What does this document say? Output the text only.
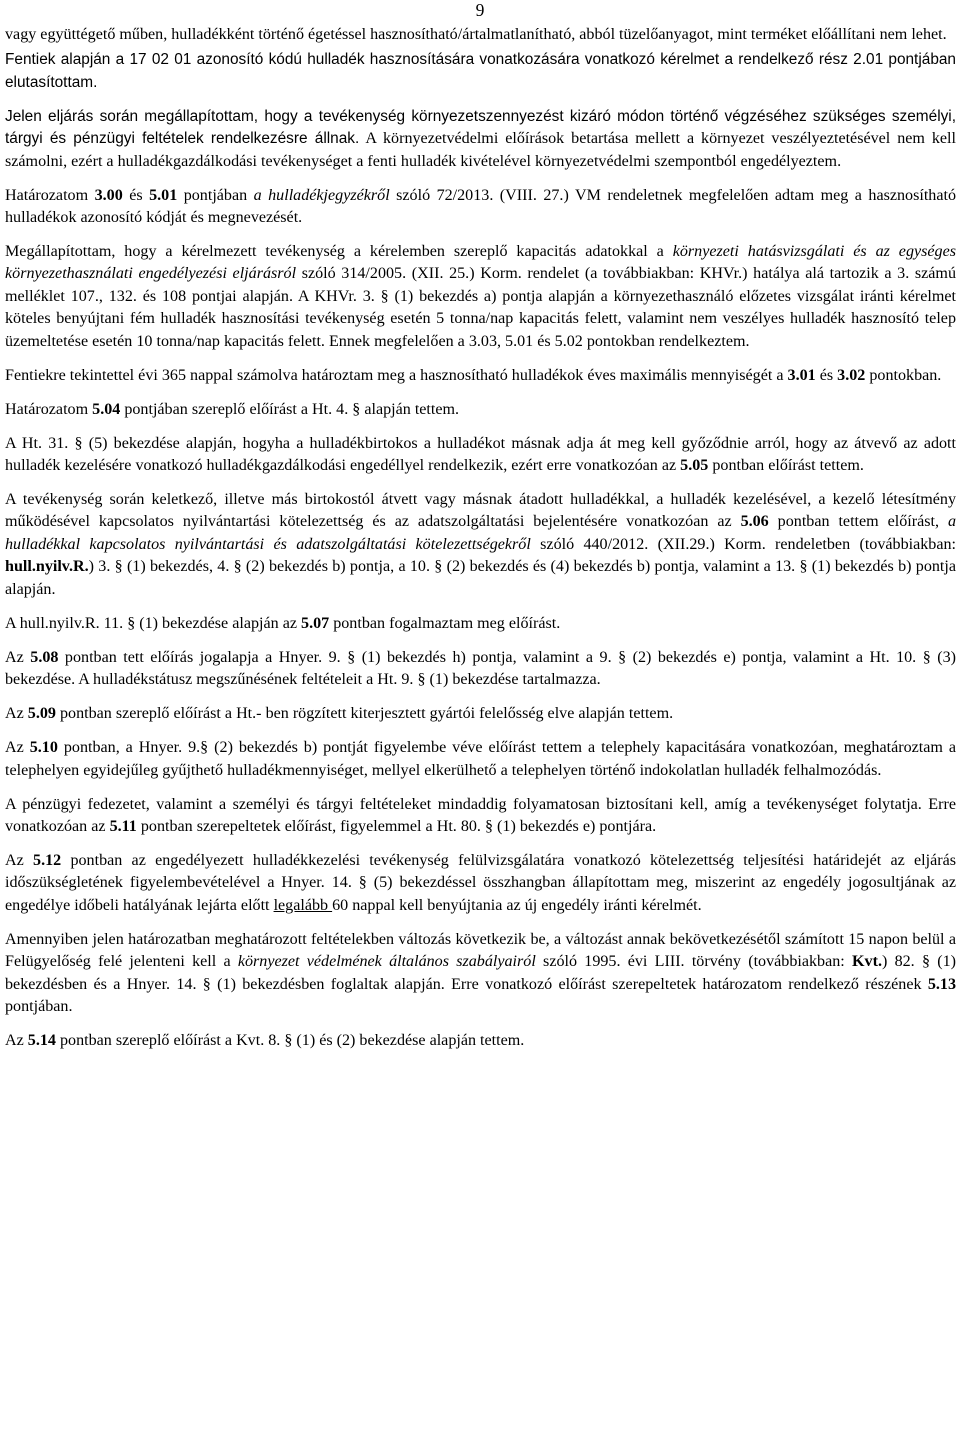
9

vagy együttégető műben, hulladékként történő égetéssel hasznosítható/ártalmatlanítható, abból tüzelőanyagot, mint terméket előállítani nem lehet.

Fentiek alapján a 17 02 01 azonosító kódú hulladék hasznosítására vonatkozására vonatkozó kérelmet a rendelkező rész 2.01 pontjában elutasítottam.

Jelen eljárás során megállapítottam, hogy a tevékenység környezetszennyezést kizáró módon történő végzéséhez szükséges személyi, tárgyi és pénzügyi feltételek rendelkezésre állnak. A környezetvédelmi előírások betartása mellett a környezet veszélyeztetésével nem kell számolni, ezért a hulladékgazdálkodási tevékenységet a fenti hulladék kivételével környezetvédelmi szempontból engedélyeztem.

Határozatom 3.00 és 5.01 pontjában a hulladékjegyzékről szóló 72/2013. (VIII. 27.) VM rendeletnek megfelelően adtam meg a hasznosítható hulladékok azonosító kódját és megnevezését.

Megállapítottam, hogy a kérelmezett tevékenység a kérelemben szereplő kapacitás adatokkal a környezeti hatásvizsgálati és az egységes környezethasználati engedélyezési eljárásról szóló 314/2005. (XII. 25.) Korm. rendelet (a továbbiakban: KHVr.) hatálya alá tartozik a 3. számú melléklet 107., 132. és 108 pontjai alapján. A KHVr. 3. § (1) bekezdés a) pontja alapján a környezethasználó előzetes vizsgálat iránti kérelmet köteles benyújtani fém hulladék hasznosítási tevékenység esetén 5 tonna/nap kapacitás felett, valamint nem veszélyes hulladék hasznosító telep üzemeltetése esetén 10 tonna/nap kapacitás felett. Ennek megfelelően a 3.03, 5.01 és 5.02 pontokban rendelkeztem.

Fentiekre tekintettel évi 365 nappal számolva határoztam meg a hasznosítható hulladékok éves maximális mennyiségét a 3.01 és 3.02 pontokban.

Határozatom 5.04 pontjában szereplő előírást a Ht. 4. § alapján tettem.

A Ht. 31. § (5) bekezdése alapján, hogyha a hulladékbirtokos a hulladékot másnak adja át meg kell győződnie arról, hogy az átvevő az adott hulladék kezelésére vonatkozó hulladékgazdálkodási engedéllyel rendelkezik, ezért erre vonatkozóan az 5.05 pontban előírást tettem.

A tevékenység során keletkező, illetve más birtokostól átvett vagy másnak átadott hulladékkal, a hulladék kezelésével, a kezelő létesítmény működésével kapcsolatos nyilvántartási kötelezettség és az adatszolgáltatási bejelentésére vonatkozóan az 5.06 pontban tettem előírást, a hulladékkal kapcsolatos nyilvántartási és adatszolgáltatási kötelezettségekről szóló 440/2012. (XII.29.) Korm. rendeletben (továbbiakban: hull.nyilv.R.) 3. § (1) bekezdés, 4. § (2) bekezdés b) pontja, a 10. § (2) bekezdés és (4) bekezdés b) pontja, valamint a 13. § (1) bekezdés b) pontja alapján.

A hull.nyilv.R. 11. § (1) bekezdése alapján az 5.07 pontban fogalmaztam meg előírást.

Az 5.08 pontban tett előírás jogalapja a Hnyer. 9. § (1) bekezdés h) pontja, valamint a 9. § (2) bekezdés e) pontja, valamint a Ht. 10. § (3) bekezdése. A hulladékstátusz megszűnésének feltételeit a Ht. 9. § (1) bekezdése tartalmazza.

Az 5.09 pontban szereplő előírást a Ht.- ben rögzített kiterjesztett gyártói felelősség elve alapján tettem.

Az 5.10 pontban, a Hnyer. 9.§ (2) bekezdés b) pontját figyelembe véve előírást tettem a telephely kapacitására vonatkozóan, meghatároztam a telephelyen egyidejűleg gyűjthető hulladékmennyiséget, mellyel elkerülhető a telephelyen történő indokolatlan hulladék felhalmozódás.

A pénzügyi fedezetet, valamint a személyi és tárgyi feltételeket mindaddig folyamatosan biztosítani kell, amíg a tevékenységet folytatja. Erre vonatkozóan az 5.11 pontban szerepeltetek előírást, figyelemmel a Ht. 80. § (1) bekezdés e) pontjára.

Az 5.12 pontban az engedélyezett hulladékkezelési tevékenység felülvizsgálatára vonatkozó kötelezettség teljesítési határidejét az eljárás időszükségletének figyelembevételével a Hnyer. 14. § (5) bekezdéssel összhangban állapítottam meg, miszerint az engedély jogosultjának az engedélye időbeli hatályának lejárta előtt legalább 60 nappal kell benyújtania az új engedély iránti kérelmét.

Amennyiben jelen határozatban meghatározott feltételekben változás következik be, a változást annak bekövetkezésétől számított 15 napon belül a Felügyelőség felé jelenteni kell a környezet védelmének általános szabályairól szóló 1995. évi LIII. törvény (továbbiakban: Kvt.) 82. § (1) bekezdésben és a Hnyer. 14. § (1) bekezdésben foglaltak alapján. Erre vonatkozó előírást szerepeltetek határozatom rendelkező részének 5.13 pontjában.

Az 5.14 pontban szereplő előírást a Kvt. 8. § (1) és (2) bekezdése alapján tettem.
